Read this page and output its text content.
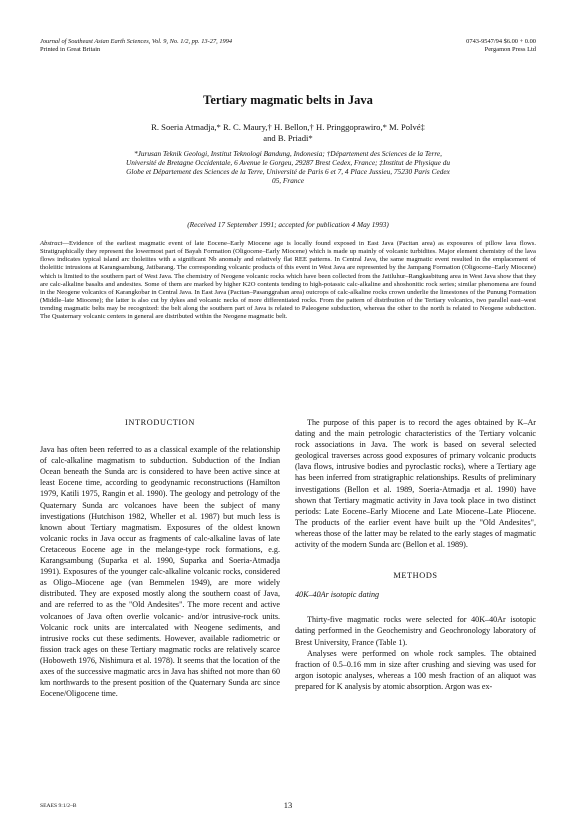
Journal of Southeast Asian Earth Sciences, Vol. 9, No. 1/2, pp. 13-27, 1994
Printed in Great Britain
0743-9547/94 $6.00 + 0.00
Pergamon Press Ltd
Tertiary magmatic belts in Java
R. Soeria Atmadja,* R. C. Maury,† H. Bellon,† H. Pringgoprawiro,* M. Polvé‡
and B. Priadi*
*Jurusan Teknik Geologi, Institut Teknologi Bandung, Indonesia; †Département des Sciences de la Terre,
Université de Bretagne Occidentale, 6 Avenue le Gorgeu, 29287 Brest Cedex, France; ‡Institut de Physique du
Globe et Département des Sciences de la Terre, Université de Paris 6 et 7, 4 Place Jussieu, 75230 Paris Cedex
05, France
(Received 17 September 1991; accepted for publication 4 May 1993)
Abstract—Evidence of the earliest magmatic event of late Eocene–Early Miocene age is locally found exposed in East Java (Pacitan area) as exposures of pillow lava flows. Stratigraphically they represent the lowermost part of Bayah Formation (Oligocene–Early Miocene) which is made up mainly of volcanic turbidites. Major element chemistry of the lava flows indicates typical island arc tholeiites with a significant Nb anomaly and relatively flat REE patterns. In Central Java, the same magmatic event resulted in the emplacement of tholeiitic intrusions at Karangsambung, Jatibarang. The corresponding volcanic products of this event in West Java are represented by the Jampang Formation (Oligocene–Early Miocene) which is limited to the southern part of West Java. The chemistry of Neogene volcanic rocks which have been collected from the Jatiluhur–Rangkasbitung area in West Java show that they are calc-alkaline basalts and andesites. Some of them are marked by higher K2O contents tending to high-potassic calc-alkaline and shoshonitic rock series; similar phenomena are found in the Neogene volcanics of Karangkobar in Central Java. In East Java (Pacitan–Pasanggrahan area) outcrops of calc-alkaline rocks crown underlie the limestones of the Punung Formation (Middle–late Miocene); the latter is also cut by dykes and volcanic necks of more differentiated rocks. From the pattern of distribution of the Tertiary volcanics, two parallel east–west trending magmatic belts may be recognized: the belt along the southern part of Java is related to Paleogene subduction, whereas the other to the north is related to Neogene subduction. The Quaternary volcanic centers in general are distributed within the Neogene magmatic belt.
INTRODUCTION

Java has often been referred to as a classical example of the relationship of calc-alkaline magmatism to subduction. Subduction of the Indian Ocean beneath the Sunda arc is considered to have been active since at least Eocene time, according to geodynamic reconstructions (Hamilton 1979, Katili 1975, Rangin et al. 1990). The geology and petrology of the Quaternary Sunda arc volcanoes have been the subject of many investigations (Hutchison 1982, Wheller et al. 1987) but much less is known about Tertiary magmatism. Exposures of the oldest known volcanic rocks in Java occur as fragments of calc-alkaline lavas of late Cretaceous Eocene age in the melange-type rock formations, e.g. Karangsambung (Suparka et al. 1990, Suparka and Soeria-Atmadja 1991). Exposures of the younger calc-alkaline volcanic rocks, considered as Oligo–Miocene age (van Bemmelen 1949), are more widely distributed. They are exposed mostly along the southern coast of Java, and are referred to as the "Old Andesites". The more recent and active volcanoes of Java often overlie volcanic- and/or intrusive-rock units. Volcanic rock units are intercalated with Neogene sediments, and intrusive rocks cut these sediments. However, available radiometric or fission track ages on these Tertiary magmatic rocks are relatively scarce (Hoboweth 1976, Nishimura et al. 1978). It seems that the location of the axes of the successive magmatic arcs in Java has shifted not more than 60 km northwards to the present position of the Quaternary Sunda arc since Eocene/Oligocene time.

The purpose of this paper is to record the ages obtained by K–Ar dating and the main petrologic characteristics of the Tertiary volcanic rock associations in Java. The work is based on several selected geological traverses across good exposures of primary volcanic products (lava flows, intrusive bodies and pyroclastic rocks), where a Tertiary age has been inferred from stratigraphic relationships. Results of preliminary investigations (Bellon et al. 1989, Soeria-Atmadja et al. 1990) have shown that Tertiary magmatic activity in Java took place in two distinct periods: Late Eocene–Early Miocene and Late Miocene–Late Pliocene. The products of the earlier event have built up the "Old Andesites", whereas those of the latter may be related to the early stages of magmatic activity of the modern Sunda arc (Bellon et al. 1989).

METHODS
40K–40Ar isotopic dating

Thirty-five magmatic rocks were selected for 40K–40Ar isotopic dating performed in the Geochemistry and Geochronology laboratory of Brest University, France (Table 1).

Analyses were performed on whole rock samples. The obtained fraction of 0.5–0.16 mm in size after crushing and sieving was used for argon isotopic analyses, whereas a 100 mesh fraction of an aliquot was prepared for K analysis by atomic absorption. Argon was ex-

SEAES 9:1/2–B	13
